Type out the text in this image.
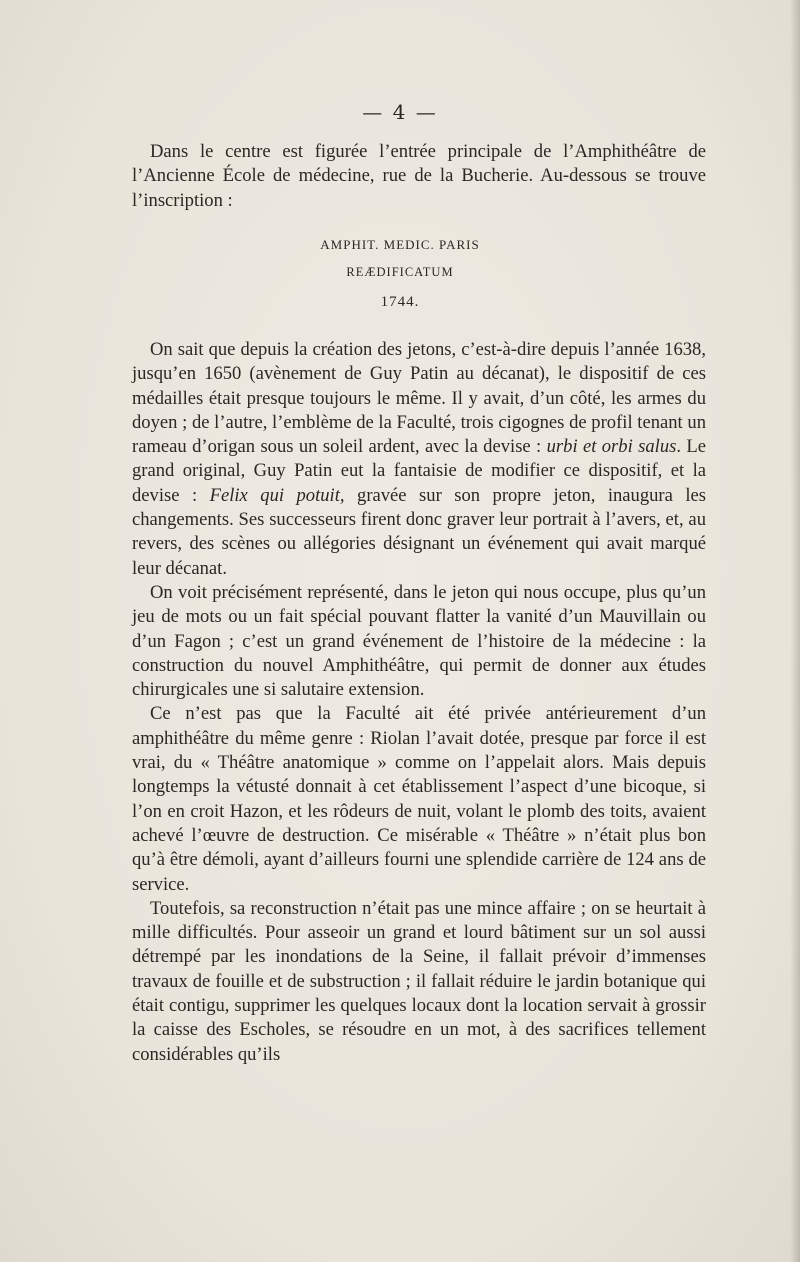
— 4 —

Dans le centre est figurée l’entrée principale de l’Amphithéâtre de l’Ancienne École de médecine, rue de la Bucherie. Au-dessous se trouve l’inscription :

AMPHIT. MEDIC. PARIS
REÆDIFICATUM
1744.

On sait que depuis la création des jetons, c’est-à-dire depuis l’année 1638, jusqu’en 1650 (avènement de Guy Patin au décanat), le dispositif de ces médailles était presque toujours le même. Il y avait, d’un côté, les armes du doyen ; de l’autre, l’emblème de la Faculté, trois cigognes de profil tenant un rameau d’origan sous un soleil ardent, avec la devise : urbi et orbi salus. Le grand original, Guy Patin eut la fantaisie de modifier ce dispositif, et la devise : Felix qui potuit, gravée sur son propre jeton, inaugura les changements. Ses successeurs firent donc graver leur portrait à l’avers, et, au revers, des scènes ou allégories désignant un événement qui avait marqué leur décanat.

On voit précisément représenté, dans le jeton qui nous occupe, plus qu’un jeu de mots ou un fait spécial pouvant flatter la vanité d’un Mauvillain ou d’un Fagon ; c’est un grand événement de l’histoire de la médecine : la construction du nouvel Amphithéâtre, qui permit de donner aux études chirurgicales une si salutaire extension.

Ce n’est pas que la Faculté ait été privée antérieurement d’un amphithéâtre du même genre : Riolan l’avait dotée, presque par force il est vrai, du « Théâtre anatomique » comme on l’appelait alors. Mais depuis longtemps la vétusté donnait à cet établissement l’aspect d’une bicoque, si l’on en croit Hazon, et les rôdeurs de nuit, volant le plomb des toits, avaient achevé l’œuvre de destruction. Ce misérable « Théâtre » n’était plus bon qu’à être démoli, ayant d’ailleurs fourni une splendide carrière de 124 ans de service.

Toutefois, sa reconstruction n’était pas une mince affaire ; on se heurtait à mille difficultés. Pour asseoir un grand et lourd bâtiment sur un sol aussi détrempé par les inondations de la Seine, il fallait prévoir d’immenses travaux de fouille et de substruction ; il fallait réduire le jardin botanique qui était contigu, supprimer les quelques locaux dont la location servait à grossir la caisse des Escholes, se résoudre en un mot, à des sacrifices tellement considérables qu’ils
